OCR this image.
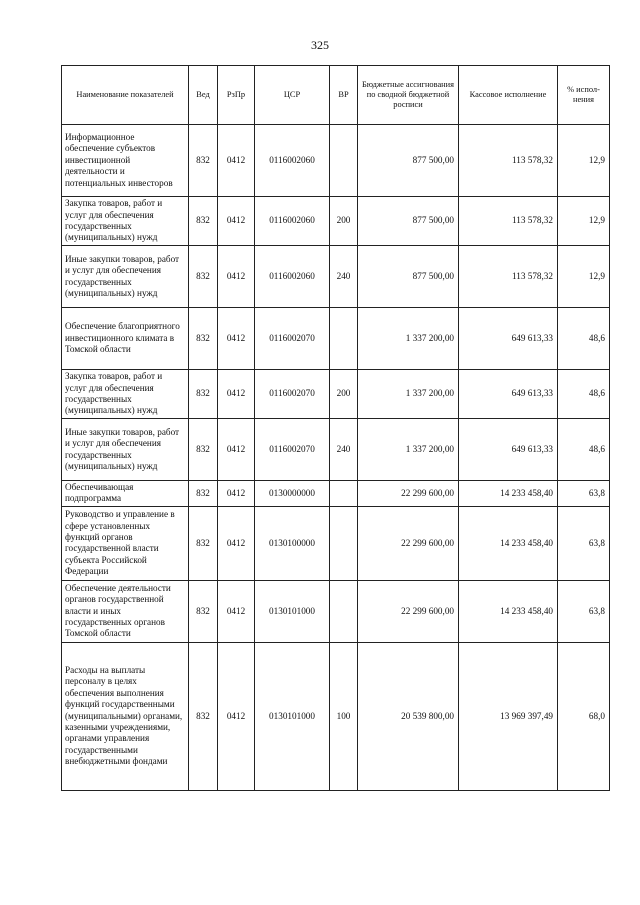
325
Наименование показателей	Вед	РзПр	ЦСР	ВР	Бюджетные ассигнования по сводной бюджетной росписи	Кассовое исполнение	% испол- нения
Информационное обеспечение субъектов инвестиционной деятельности и потенциальных инвесторов	832	0412	0116002060		877 500,00	113 578,32	12,9
Закупка товаров, работ и услуг для обеспечения государственных (муниципальных) нужд	832	0412	0116002060	200	877 500,00	113 578,32	12,9
Иные закупки товаров, работ и услуг для обеспечения государственных (муниципальных) нужд	832	0412	0116002060	240	877 500,00	113 578,32	12,9
Обеспечение благоприятного инвестиционного климата в Томской области	832	0412	0116002070		1 337 200,00	649 613,33	48,6
Закупка товаров, работ и услуг для обеспечения государственных (муниципальных) нужд	832	0412	0116002070	200	1 337 200,00	649 613,33	48,6
Иные закупки товаров, работ и услуг для обеспечения государственных (муниципальных) нужд	832	0412	0116002070	240	1 337 200,00	649 613,33	48,6
Обеспечивающая подпрограмма	832	0412	0130000000		22 299 600,00	14 233 458,40	63,8
Руководство и управление в сфере установленных функций органов государственной власти субъекта Российской Федерации	832	0412	0130100000		22 299 600,00	14 233 458,40	63,8
Обеспечение деятельности органов государственной власти и иных государственных органов Томской области	832	0412	0130101000		22 299 600,00	14 233 458,40	63,8
Расходы на выплаты персоналу в целях обеспечения выполнения функций государственными (муниципальными) органами, казенными учреждениями, органами управления государственными внебюджетными фондами	832	0412	0130101000	100	20 539 800,00	13 969 397,49	68,0
